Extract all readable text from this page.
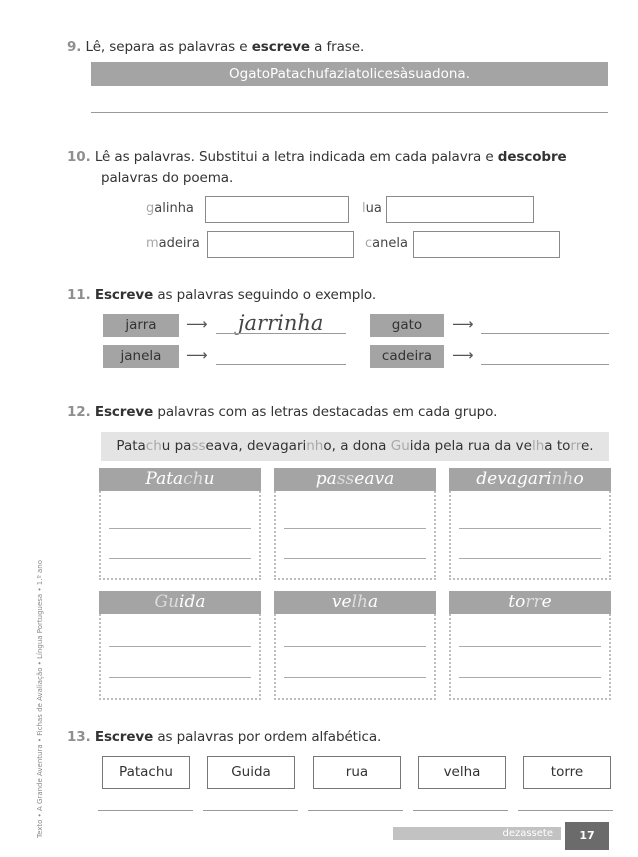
Texto • A Grande Aventura • Fichas de Avaliação • Língua Portuguesa • 1.º ano
9. Lê, separa as palavras e escreve a frase.
OgatoPatachufaziatolicesàsuadona.
10. Lê as palavras. Substitui a letra indicada em cada palavra e descobre
palavras do poema.
galinha	lua
madeira	canela
11. Escreve as palavras seguindo o exemplo.
jarra	⟶ jarrinha	gato	⟶
janela	⟶	cadeira	⟶
12. Escreve palavras com as letras destacadas em cada grupo.
Patachu passeava, devagarinho, a dona Guida pela rua da velha torre.
Patachu	passeava	devagarinho
Guida	velha	torre
13. Escreve as palavras por ordem alfabética.
Patachu	Guida	rua	velha	torre
dezassete	17
